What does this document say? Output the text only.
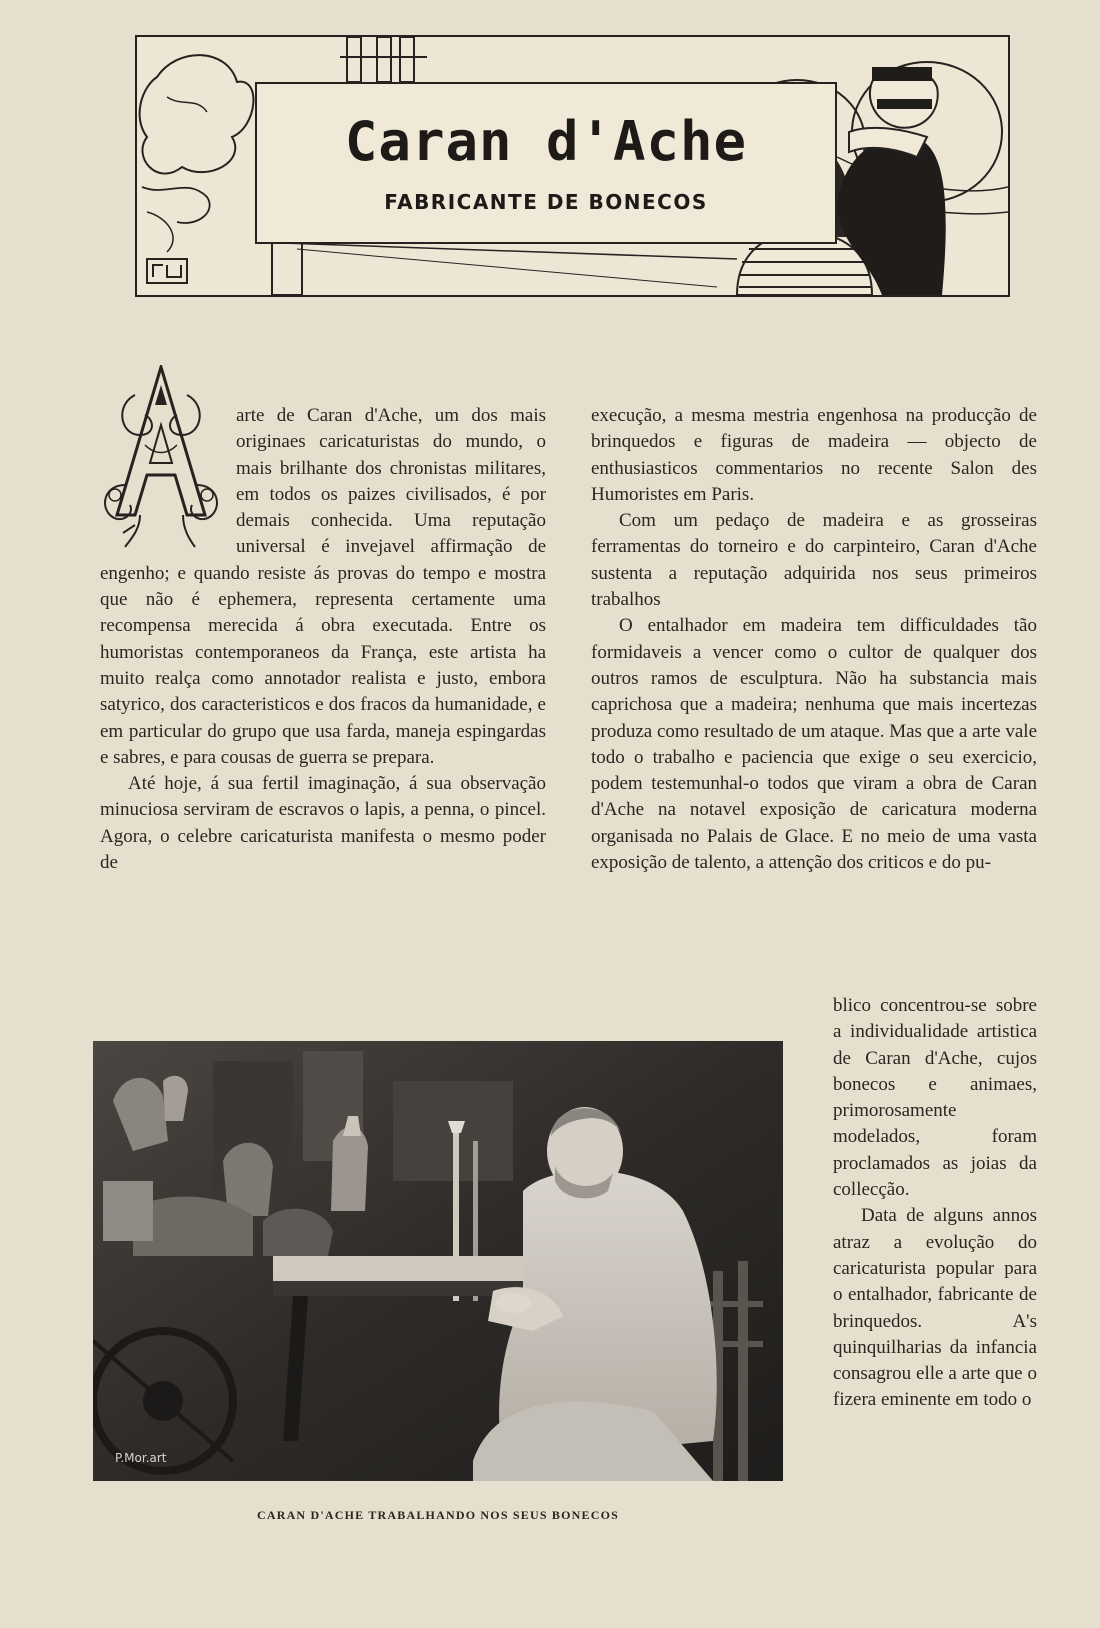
Caran d'Ache
FABRICANTE DE BONECOS

arte de Caran d'Ache, um dos mais originaes caricaturistas do mundo, o mais brilhante dos chronistas militares, em todos os paizes civilisados, é por demais conhecida. Uma reputação universal é invejavel affirmação de engenho; e quando resiste ás provas do tempo e mostra que não é ephemera, representa certamente uma recompensa merecida á obra executada. Entre os humoristas contemporaneos da França, este artista ha muito realça como annotador realista e justo, embora satyrico, dos caracteristicos e dos fracos da humanidade, e em particular do grupo que usa farda, maneja espingardas e sabres, e para cousas de guerra se prepara.

Até hoje, á sua fertil imaginação, á sua observação minuciosa serviram de escravos o lapis, a penna, o pincel. Agora, o celebre caricaturista manifesta o mesmo poder de

execução, a mesma mestria engenhosa na producção de brinquedos e figuras de madeira — objecto de enthusiasticos commentarios no recente Salon des Humoristes em Paris.

Com um pedaço de madeira e as grosseiras ferramentas do torneiro e do carpinteiro, Caran d'Ache sustenta a reputação adquirida nos seus primeiros trabalhos

O entalhador em madeira tem difficuldades tão formidaveis a vencer como o cultor de qualquer dos outros ramos de esculptura. Não ha substancia mais caprichosa que a madeira; nenhuma que mais incertezas produza como resultado de um ataque. Mas que a arte vale todo o trabalho e paciencia que exige o seu exercicio, podem testemunhal-o todos que viram a obra de Caran d'Ache na notavel exposição de caricatura moderna organisada no Palais de Glace. E no meio de uma vasta exposição de talento, a attenção dos criticos e do pu-

blico concentrou-se sobre a individualidade artistica de Caran d'Ache, cujos bonecos e animaes, primorosamente modelados, foram proclamados as joias da collecção.

Data de alguns annos atraz a evolução do caricaturista popular para o entalhador, fabricante de brinquedos. A's quinquilharias da infancia consagrou elle a arte que o fizera eminente em todo o

P.Mor.art
CARAN D'ACHE TRABALHANDO NOS SEUS BONECOS
